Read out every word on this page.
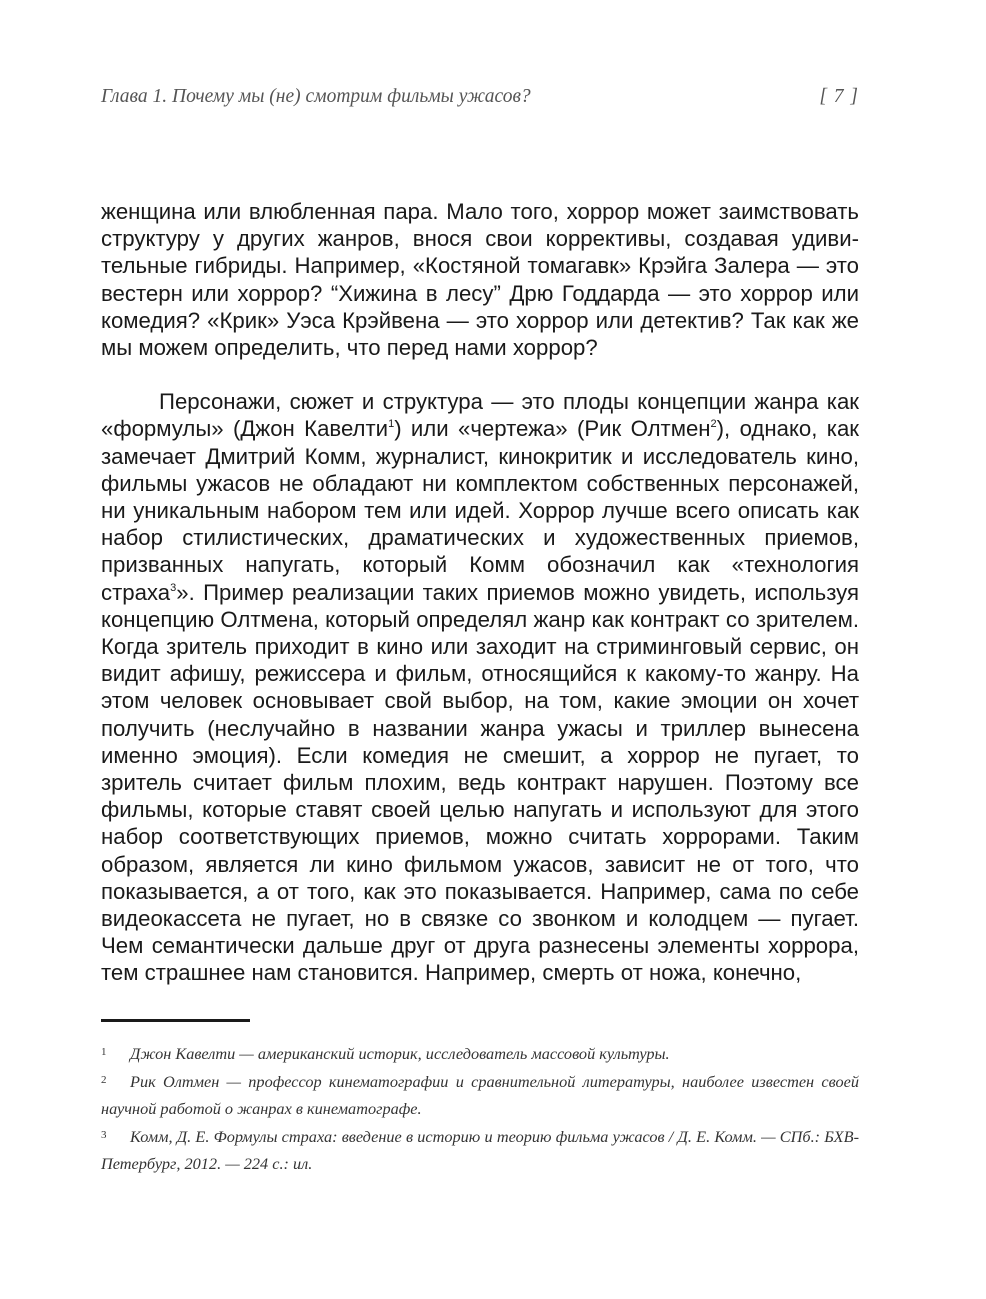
Глава 1. Почему мы (не) смотрим фильмы ужасов?	[ 7 ]

женщина или влюбленная пара. Мало того, хоррор может заимствовать структуру у других жанров, внося свои коррективы, создавая удивительные гибриды. Например, «Костяной томагавк» Крэйга Залера — это вестерн или хоррор? “Хижина в лесу” Дрю Годдарда — это хоррор или комедия? «Крик» Уэса Крэйвена — это хоррор или детектив? Так как же мы можем определить, что перед нами хоррор?

Персонажи, сюжет и структура — это плоды концепции жанра как «формулы» (Джон Кавелти$^1$) или «чертежа» (Рик Олтмен$^2$), однако, как замечает Дмитрий Комм, журналист, кинокритик и исследователь кино, фильмы ужасов не обладают ни комплектом собственных персонажей, ни уникальным набором тем или идей. Хоррор лучше всего описать как набор стилистических, драматических и художественных приемов, призванных напугать, который Комм обозначил как «технология страха$^3$». Пример реализации таких приемов можно увидеть, используя концепцию Олтмена, который определял жанр как контракт со зрителем. Когда зритель приходит в кино или заходит на стриминговый сервис, он видит афишу, режиссера и фильм, относящийся к какому-то жанру. На этом человек основывает свой выбор, на том, какие эмоции он хочет получить (неслучайно в названии жанра ужасы и триллер вынесена именно эмоция). Если комедия не смешит, а хоррор не пугает, то зритель считает фильм плохим, ведь контракт нарушен. Поэтому все фильмы, которые ставят своей целью напугать и используют для этого набор соответствующих приемов, можно считать хоррорами. Таким образом, является ли кино фильмом ужасов, зависит не от того, что показывается, а от того, как это показывается. Например, сама по себе видеокассета не пугает, но в связке со звонком и колодцем — пугает. Чем семантически дальше друг от друга разнесены элементы хоррора, тем страшнее нам становится. Например, смерть от ножа, конечно,

1 Джон Кавелти — американский историк, исследователь массовой культуры.

2 Рик Олтмен — профессор кинематографии и сравнительной литературы, наиболее известен своей научной работой о жанрах в кинематографе.

3 Комм, Д. Е. Формулы страха: введение в историю и теорию фильма ужасов / Д. Е. Комм. — СПб.: БХВ-Петербург, 2012. — 224 с.: ил.
